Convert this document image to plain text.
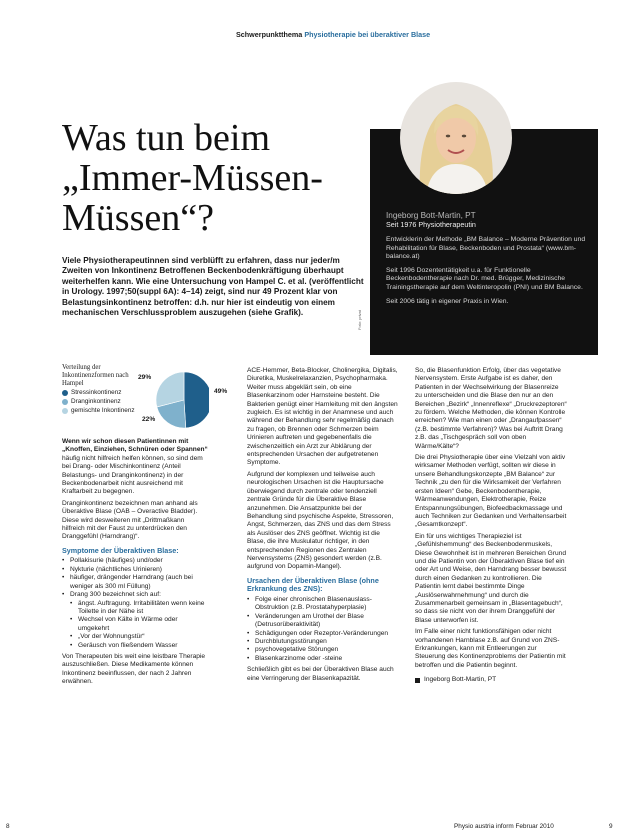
Schwerpunktthema Physiotherapie bei überaktiver Blase
Was tun beim
„Immer-Müssen-
Müssen“?
Viele Physiotherapeutinnen sind verblüfft zu erfahren, dass nur jeder/m Zweiten von Inkontinenz Betroffenen Beckenbodenkräftigung überhaupt weiterhelfen kann. Wie eine Untersuchung von Hampel C. et al. (veröffentlicht in Urology. 1997;50(suppl 6A): 4–14) zeigt, sind nur 49 Prozent klar von Belastungsinkontinenz betroffen: d.h. nur hier ist eindeutig von einem mechanischen Verschlussproblem auszugehen (siehe Grafik).	Foto: privat
Ingeborg Bott-Martin, PT
Seit 1976 Physiotherapeutin

Entwicklerin der Methode „BM Balance – Moderne Prävention und Rehabilitation für Blase, Beckenboden und Prostata“ (www.bm-balance.at)

Seit 1996 Dozententätigkeit u.a. für Funktionelle Beckenbodentherapie nach Dr. med. Brügger, Medizinische Trainingstherapie auf dem Weltinteropolin (PNI) und BM Balance.

Seit 2006 tätig in eigener Praxis in Wien.

Verteilung der Inkontinenzformen nach Hampel
Stressinkontinenz
Dranginkontinenz
gemischte Inkontinenz
49%
22%
29%

Wenn wir schon diesen Patientinnen mit „Knoffen, Einziehen, Schnüren oder Spannen“ häufig nicht hilfreich helfen können, so sind dem bei Drang- oder Mischinkontinenz (Anteil Belastungs- und Dranginkontinenz) in der Beckenbodenarbeit nicht ausreichend mit Kraftarbeit zu begegnen.

Dranginkontinenz bezeichnen man anhand als Überaktive Blase (OAB – Overactive Bladder). Diese wird desweiteren mit „Drittmaßkann hilfreich mit der Faust zu unterdrücken den Dranggefühl (Harndrang)“.

Symptome der Überaktiven Blase:
• Pollakisurie (häufiges) und/oder
• Nykturie (nächtliches Urinieren)
• häufiger, drängender Harndrang (auch bei weniger als 300 ml Füllung)
• Drang 300 bezeichnet sich auf:
• ängst. Auftragung. Irritabilitäten wenn keine Toilette in der Nähe ist
• Wechsel von Kälte in Wärme oder umgekehrt
• „Vor der Wohnungstür“
• Geräusch von fließendem Wasser

Von Therapeuten bis weit eine leistbare Therapie auszuschließen. Diese Medikamente können Inkontinenz beeinflussen, der nach 2 Jahren erwähnen.

ACE-Hemmer, Beta-Blocker, Cholinergika, Digitalis, Diuretika, Muskelrelaxanzien, Psychopharmaka. Weiter muss abgeklärt sein, ob eine Blasenkarzinom oder Harnsteine besteht. Die Bakterien genügt einer Harnleitung mit den ängsten zugleich. Es ist wichtig in der Anamnese und auch während der Behandlung sehr regelmäßig danach zu fragen, ob Brennen oder Schmerzen beim Urinieren auftreten und gegebenenfalls die zwischenzeitlich ein Arzt zur Abklärung der entsprechenden Ursachen der aufgetretenen Symptome.

Aufgrund der komplexen und teilweise auch neurologischen Ursachen ist die Hauptursache überwiegend durch zentrale oder tendenziell zentrale Gründe für die Überaktive Blase anzunehmen. Die Ansatzpunkte bei der Behandlung sind psychische Aspekte, Stressoren, Angst, Schmerzen, das ZNS und das dem Stress als Auslöser des ZNS geöffnet. Wichtig ist die Blase, die ihre Muskulatur richtiger, in den entsprechenden Regionen des Zentralen Nervensystems (ZNS) gesondert werden (z.B. aufgrund von Dopamin-Mangel).

Ursachen der Überaktiven Blase (ohne Erkrankung des ZNS):
• Folge einer chronischen Blasenauslass-Obstruktion (z.B. Prostatahyperplasie)
• Veränderungen am Urothel der Blase (Detrusorüberaktivität)
• Schädigungen oder Rezeptor-Veränderungen
• Durchblutungsstörungen
• psychovegetative Störungen
• Blasenkarzinome oder -steine

Schließlich gibt es bei der Überaktiven Blase auch eine Verringerung der Blasenkapazität.

So, die Blasenfunktion Erfolg, über das vegetative Nervensystem. Erste Aufgabe ist es daher, den Patienten in der Wechselwirkung der Blasenreize zu unterscheiden und die Blase den nur an den Bereichen „Bezirk“ „Innenreflexe“ „Druckrezeptoren“ zu fördern. Welche Methoden, die können Kontrolle erreichen? Wie man einen oder „Drangaufpassen“ (z.B. bestimmte Verfahren)? Was bei Auftritt Drang z.B. das „Tischgespräch soll von oben Wärme/Kälte“?

Die drei Physiotherapie über eine Vielzahl von aktiv wirksamer Methoden verfügt, sollten wir diese in unsere Behandlungskonzepte „BM Balance“ zur Technik „zu den für die Wirksamkeit der Verfahren ersten Ideen“ Gebe, Beckenbodentherapie, Wärmeanwendungen, Elektrotherapie, Reize Entspannungsübungen, Biofeedbackmassage und auch Techniken zur Gedanken und Verhaltensarbeit „Gesamtkonzept“.

Ein für uns wichtiges Therapieziel ist „Gefühlshemmung“ des Beckenbodenmuskels, Diese Gewohnheit ist in mehreren Bereichen Grund und die Patientin von der Überaktiven Blase tief ein oder Art und Weise, den Harndrang besser bewusst durch einen Gedanken zu kontrollieren. Die Patientin lernt dabei bestimmte Dinge „Auslöserwahrnehmung“ und durch die Zusammenarbeit gemeinsam in „Blasentagebuch“, so dass sie nicht von der ihrem Dranggefühl der Blase unterworfen ist.

Im Falle einer nicht funktionsfähigen oder nicht vorhandenen Harnblase z.B. auf Grund von ZNS-Erkrankungen, kann mit Entleerungen zur Steuerung des Kontinenzproblems der Patientin mit betroffen und die Patientin beginnt.

Ingeborg Bott-Martin, PT
8	Physio austria inform Februar 2010	9
